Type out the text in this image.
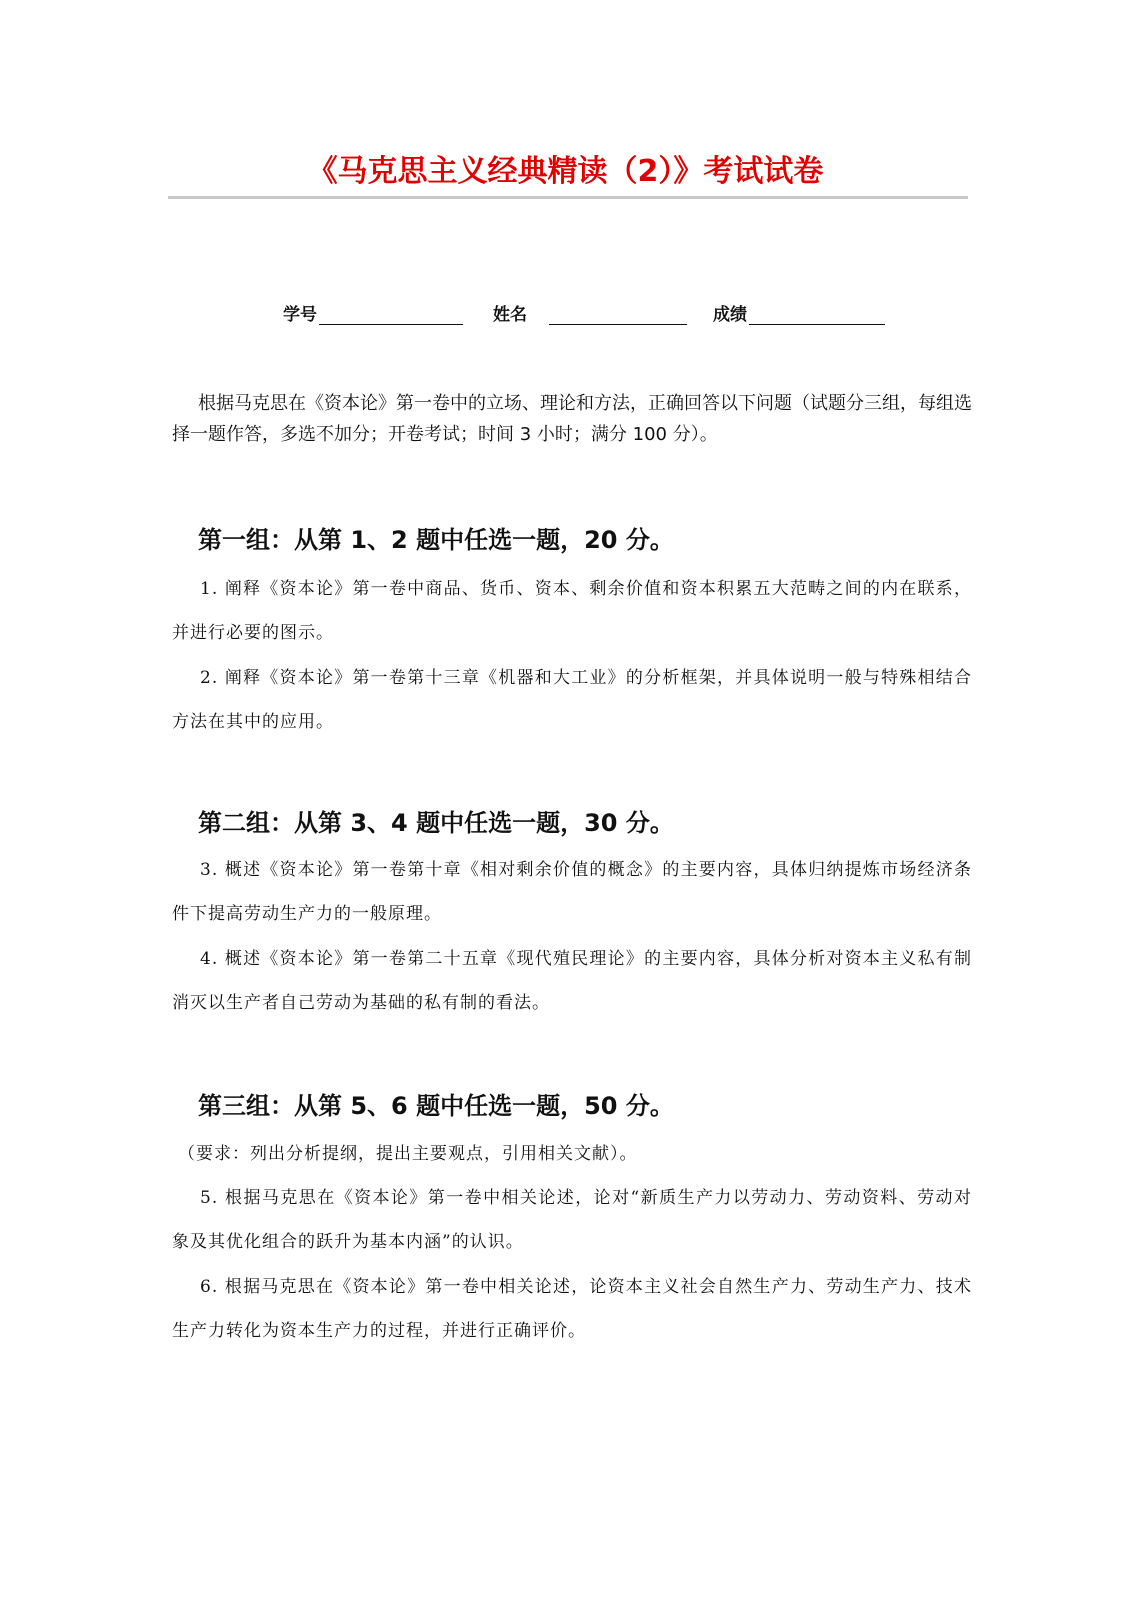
《马克思主义经典精读（2）》考试试卷
学号	姓名	成绩

根据马克思在《资本论》第一卷中的立场、理论和方法，正确回答以下问题（试题分三组，每组选择一题作答，多选不加分；开卷考试；时间 3 小时；满分 100 分）。

第一组：从第 1、2 题中任选一题，20 分。

1. 阐释《资本论》第一卷中商品、货币、资本、剩余价值和资本积累五大范畴之间的内在联系，并进行必要的图示。

2. 阐释《资本论》第一卷第十三章《机器和大工业》的分析框架，并具体说明一般与特殊相结合方法在其中的应用。

第二组：从第 3、4 题中任选一题，30 分。

3. 概述《资本论》第一卷第十章《相对剩余价值的概念》的主要内容，具体归纳提炼市场经济条件下提高劳动生产力的一般原理。

4. 概述《资本论》第一卷第二十五章《现代殖民理论》的主要内容，具体分析对资本主义私有制消灭以生产者自己劳动为基础的私有制的看法。

第三组：从第 5、6 题中任选一题，50 分。

（要求：列出分析提纲，提出主要观点，引用相关文献）。

5. 根据马克思在《资本论》第一卷中相关论述，论对“新质生产力以劳动力、劳动资料、劳动对象及其优化组合的跃升为基本内涵”的认识。

6. 根据马克思在《资本论》第一卷中相关论述，论资本主义社会自然生产力、劳动生产力、技术生产力转化为资本生产力的过程，并进行正确评价。
